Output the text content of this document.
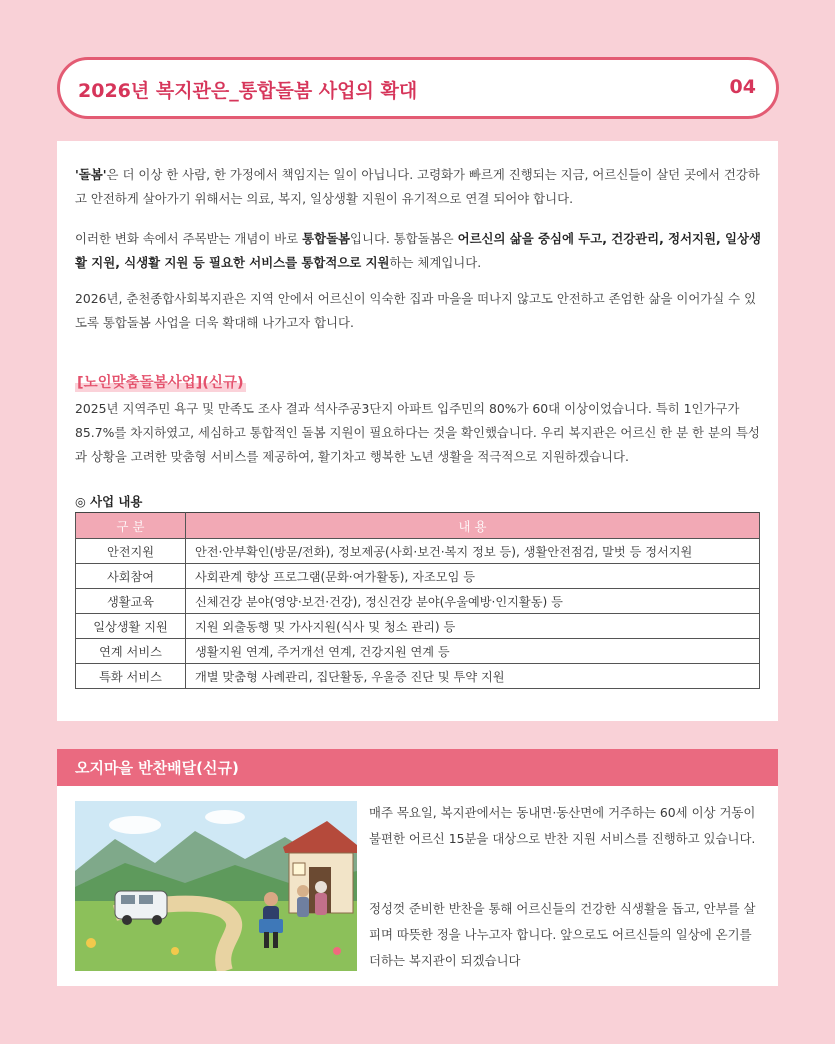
2026년 복지관은_통합돌봄 사업의 확대	04

'돌봄'은 더 이상 한 사람, 한 가정에서 책임지는 일이 아닙니다. 고령화가 빠르게 진행되는 지금, 어르신들이 살던 곳에서 건강하고 안전하게 살아가기 위해서는 의료, 복지, 일상생활 지원이 유기적으로 연결 되어야 합니다.

이러한 변화 속에서 주목받는 개념이 바로 통합돌봄입니다. 통합돌봄은 어르신의 삶을 중심에 두고, 건강관리, 정서지원, 일상생활 지원, 식생활 지원 등 필요한 서비스를 통합적으로 지원하는 체계입니다.

2026년, 춘천종합사회복지관은 지역 안에서 어르신이 익숙한 집과 마을을 떠나지 않고도 안전하고 존엄한 삶을 이어가실 수 있도록 통합돌봄 사업을 더욱 확대해 나가고자 합니다.

[노인맞춤돌봄사업](신규)

2025년 지역주민 욕구 및 만족도 조사 결과 석사주공3단지 아파트 입주민의 80%가 60대 이상이었습니다. 특히 1인가구가 85.7%를 차지하였고, 세심하고 통합적인 돌봄 지원이 필요하다는 것을 확인했습니다. 우리 복지관은 어르신 한 분 한 분의 특성과 상황을 고려한 맞춤형 서비스를 제공하여, 활기차고 행복한 노년 생활을 적극적으로 지원하겠습니다.

◎ 사업 내용
구 분	내 용
안전지원	안전·안부확인(방문/전화), 정보제공(사회·보건·복지 정보 등), 생활안전점검, 말벗 등 정서지원
사회참여	사회관계 향상 프로그램(문화·여가활동), 자조모임 등
생활교육	신체건강 분야(영양·보건·건강), 정신건강 분야(우울예방·인지활동) 등
일상생활 지원	지원 외출동행 및 가사지원(식사 및 청소 관리) 등
연계 서비스	생활지원 연계, 주거개선 연계, 건강지원 연계 등
특화 서비스	개별 맞춤형 사례관리, 집단활동, 우울증 진단 및 투약 지원
오지마을 반찬배달(신규)

매주 목요일, 복지관에서는 동내면·동산면에 거주하는 60세 이상 거동이 불편한 어르신 15분을 대상으로 반찬 지원 서비스를 진행하고 있습니다.

정성껏 준비한 반찬을 통해 어르신들의 건강한 식생활을 돕고, 안부를 살피며 따뜻한 정을 나누고자 합니다. 앞으로도 어르신들의 일상에 온기를 더하는 복지관이 되겠습니다
